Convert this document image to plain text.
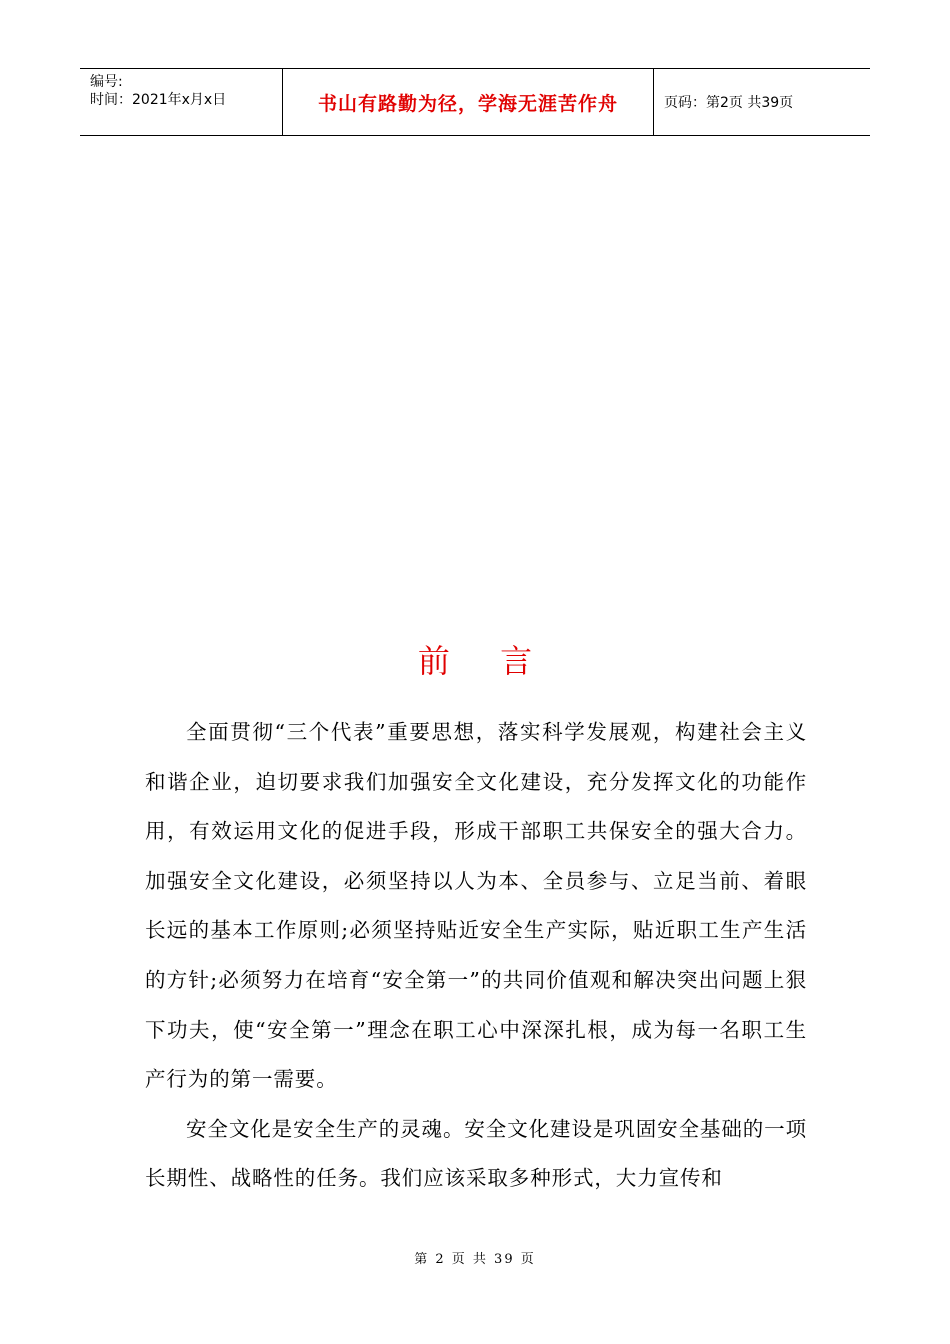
编号:
时间：2021年x月x日	书山有路勤为径，学海无涯苦作舟	页码：第2页 共39页
前 言

全面贯彻“三个代表”重要思想，落实科学发展观，构建社会主义和谐企业，迫切要求我们加强安全文化建设，充分发挥文化的功能作用，有效运用文化的促进手段，形成干部职工共保安全的强大合力。加强安全文化建设，必须坚持以人为本、全员参与、立足当前、着眼长远的基本工作原则;必须坚持贴近安全生产实际，贴近职工生产生活的方针;必须努力在培育“安全第一”的共同价值观和解决突出问题上狠下功夫，使“安全第一”理念在职工心中深深扎根，成为每一名职工生产行为的第一需要。

安全文化是安全生产的灵魂。安全文化建设是巩固安全基础的一项长期性、战略性的任务。我们应该采取多种形式，大力宣传和

第 2 页 共 39 页
